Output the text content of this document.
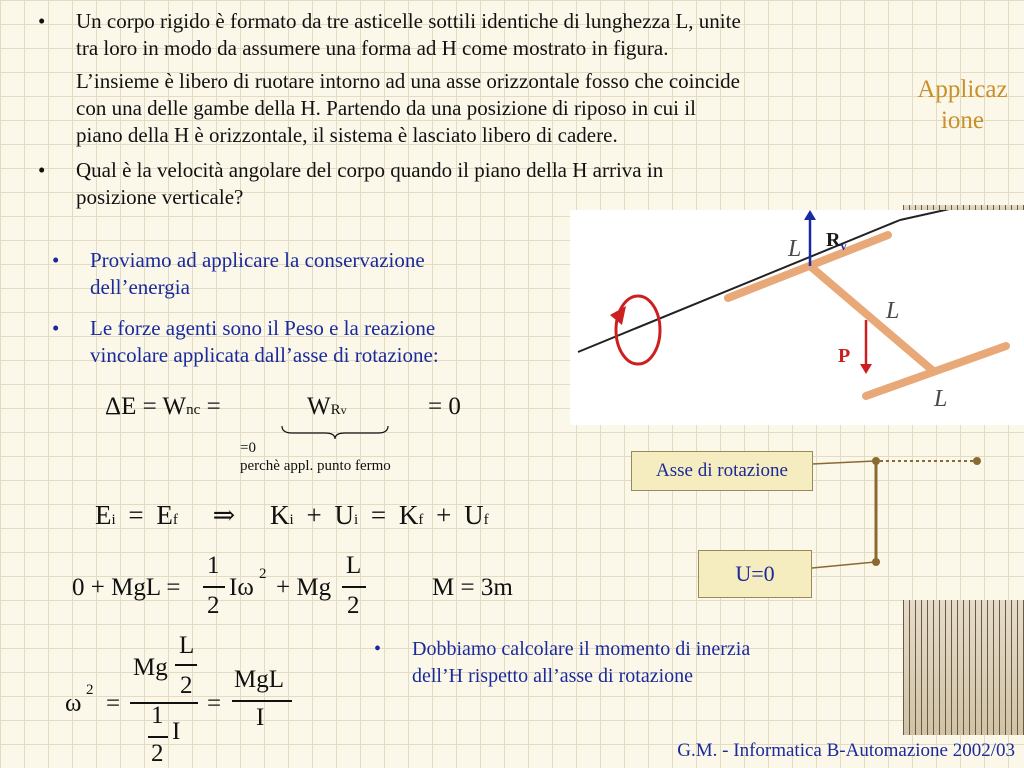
Applicaz
ione
• Un corpo rigido è formato da tre asticelle sottili identiche di lunghezza L, unite
tra loro in modo da assumere una forma ad H come mostrato in figura.
L’insieme è libero di ruotare intorno ad una asse orizzontale fosso che coincide
con una delle gambe della H. Partendo da una posizione di riposo in cui il
piano della H è orizzontale, il sistema è lasciato libero di cadere.
• Qual è la velocità angolare del corpo quando il piano della H arriva in
posizione verticale?
• Proviamo ad applicare la conservazione
dell’energia
• Le forze agenti sono il Peso e la reazione
vincolare applicata dall’asse di rotazione:
• Dobbiamo calcolare il momento di inerzia
dell’H rispetto all’asse di rotazione
ΔE = Wnc =	WRv	= 0
=0
perchè appl. punto fermo
Ei = Ef ⇒ Ki + Ui = Kf + Uf
0 + MgL =
1
2
Iω 2 + Mg
L
2
M = 3m
ω 2 =
Mg
L
2
1
2
I
=
MgL
I
L
L
L
$R_v$
P
Asse di rotazione
U=0
G.M. - Informatica B-Automazione 2002/03
